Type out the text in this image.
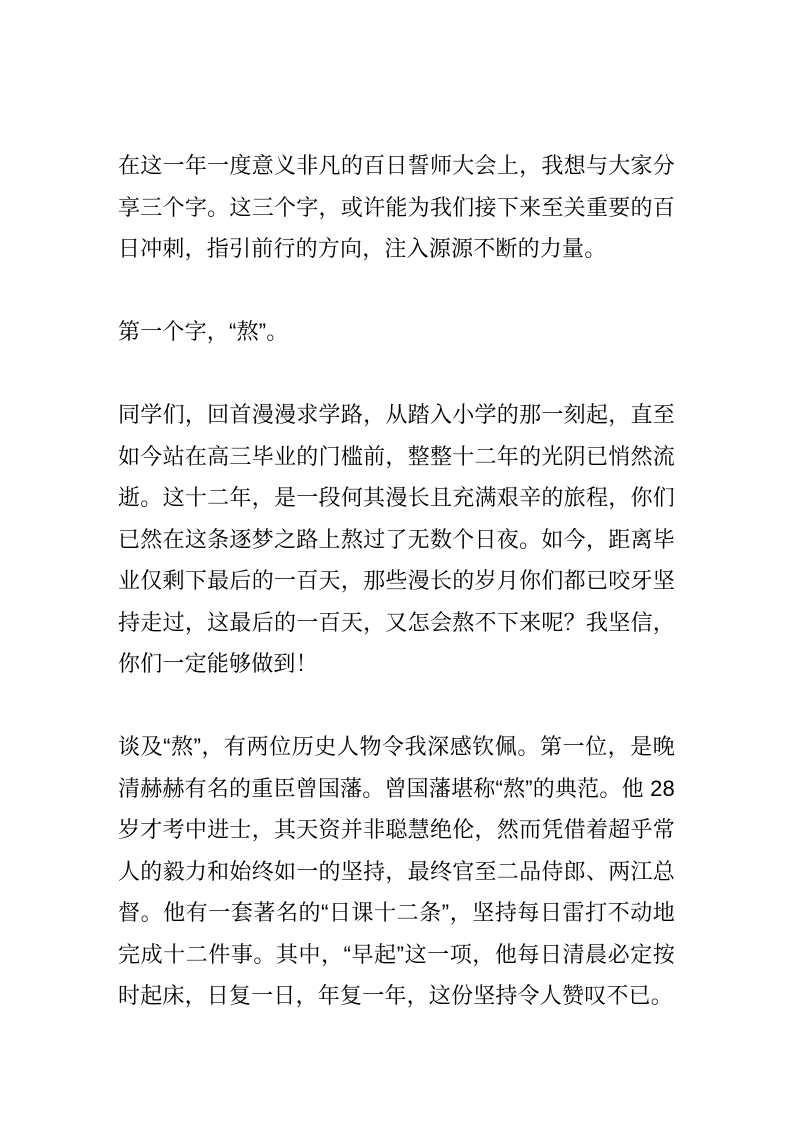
在这一年一度意义非凡的百日誓师大会上，我想与大家分享三个字。这三个字，或许能为我们接下来至关重要的百日冲刺，指引前行的方向，注入源源不断的力量。

第一个字，“熬”。

同学们，回首漫漫求学路，从踏入小学的那一刻起，直至如今站在高三毕业的门槛前，整整十二年的光阴已悄然流逝。这十二年，是一段何其漫长且充满艰辛的旅程，你们已然在这条逐梦之路上熬过了无数个日夜。如今，距离毕业仅剩下最后的一百天，那些漫长的岁月你们都已咬牙坚持走过，这最后的一百天，又怎会熬不下来呢？我坚信，你们一定能够做到！

谈及“熬”，有两位历史人物令我深感钦佩。第一位，是晚清赫赫有名的重臣曾国藩。曾国藩堪称“熬”的典范。他 28 岁才考中进士，其天资并非聪慧绝伦，然而凭借着超乎常人的毅力和始终如一的坚持，最终官至二品侍郎、两江总督。他有一套著名的“日课十二条”，坚持每日雷打不动地完成十二件事。其中，“早起”这一项，他每日清晨必定按时起床，日复一日，年复一年，这份坚持令人赞叹不已。
